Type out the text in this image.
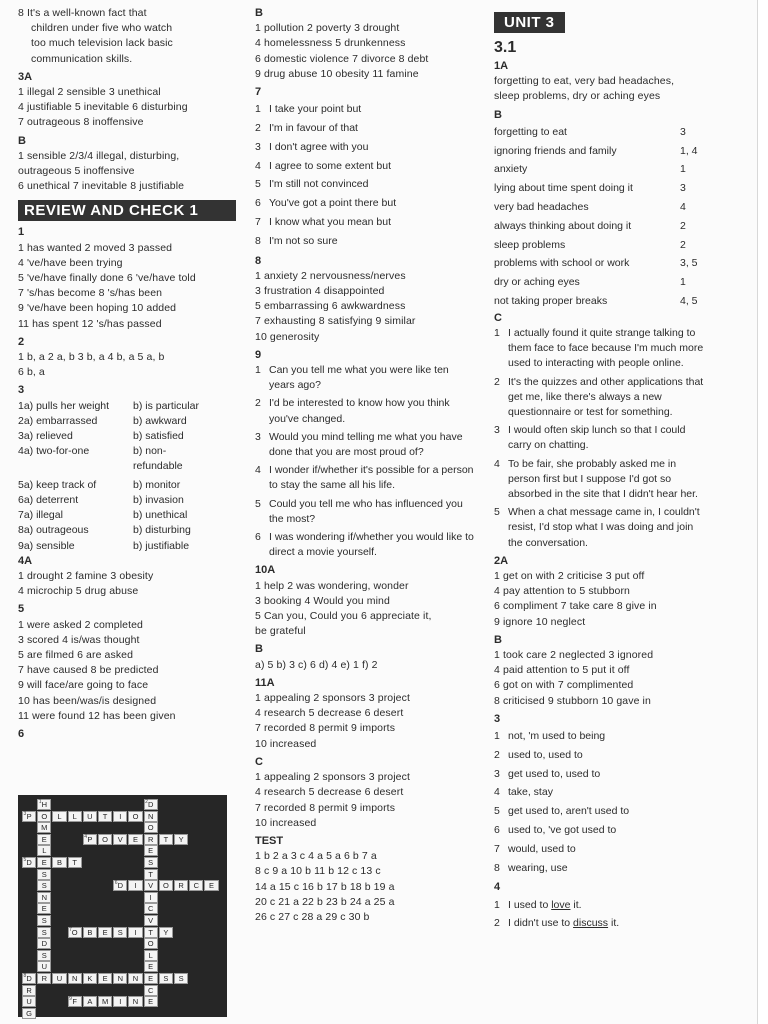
8 It's a well-known fact that
children under five who watch
too much television lack basic
communication skills.
3A
1 illegal 2 sensible 3 unethical
4 justifiable 5 inevitable 6 disturbing
7 outrageous 8 inoffensive
B
1 sensible 2/3/4 illegal, disturbing,
outrageous 5 inoffensive
6 unethical 7 inevitable 8 justifiable
REVIEW AND CHECK 1
1
1 has wanted 2 moved 3 passed
4 've/have been trying
5 've/have finally done 6 've/have told
7 's/has become 8 's/has been
9 've/have been hoping 10 added
11 has spent 12 's/has passed
2
1 b, a 2 a, b 3 b, a 4 b, a 5 a, b
6 b, a
3
1a) pulls her weight	b) is particular
2a) embarrassed	b) awkward
3a) relieved	b) satisfied
4a) two-for-one	b) non-refundable
5a) keep track of	b) monitor
6a) deterrent	b) invasion
7a) illegal	b) unethical
8a) outrageous	b) disturbing
9a) sensible	b) justifiable
4A
1 drought 2 famine 3 obesity
4 microchip 5 drug abuse
5
1 were asked 2 completed
3 scored 4 is/was thought
5 are filmed 6 are asked
7 have caused 8 be predicted
9 will face/are going to face
10 has been/was/is designed
11 were found 12 has been given
6
H
1	D
2
P
3	O	L	L	U	T	I	O	N
M	O
E	P
4	O	V	E	R	T	Y
L	E
D
5	E	B	T	S
S	T
S	D
6	I	V	O	R	C	E
N	I
E	C
S	V
S	O
7	B	E	S	I	T	Y
D	O
S	L
U	E
D
8	R	U	N	K	E	N	N	E	S	S
R	C
U	F
9	A	M	I	N	E
G
B
1 pollution 2 poverty 3 drought
4 homelessness 5 drunkenness
6 domestic violence 7 divorce 8 debt
9 drug abuse 10 obesity 11 famine
7
1 I take your point but
2 I'm in favour of that
3 I don't agree with you
4 I agree to some extent but
5 I'm still not convinced
6 You've got a point there but
7 I know what you mean but
8 I'm not so sure
8
1 anxiety 2 nervousness/nerves
3 frustration 4 disappointed
5 embarrassing 6 awkwardness
7 exhausting 8 satisfying 9 similar
10 generosity
9
1 Can you tell me what you were like ten years ago?
2 I'd be interested to know how you think you've changed.
3 Would you mind telling me what you have done that you are most proud of?
4 I wonder if/whether it's possible for a person to stay the same all his life.
5 Could you tell me who has influenced you the most?
6 I was wondering if/whether you would like to direct a movie yourself.
10A
1 help 2 was wondering, wonder
3 booking 4 Would you mind
5 Can you, Could you 6 appreciate it,
be grateful
B
a) 5 b) 3 c) 6 d) 4 e) 1 f) 2
11A
1 appealing 2 sponsors 3 project
4 research 5 decrease 6 desert
7 recorded 8 permit 9 imports
10 increased
C
1 appealing 2 sponsors 3 project
4 research 5 decrease 6 desert
7 recorded 8 permit 9 imports
10 increased
TEST
1 b 2 a 3 c 4 a 5 a 6 b 7 a
8 c 9 a 10 b 11 b 12 c 13 c
14 a 15 c 16 b 17 b 18 b 19 a
20 c 21 a 22 b 23 b 24 a 25 a
26 c 27 c 28 a 29 c 30 b
UNIT 3
3.1
1A
forgetting to eat, very bad headaches,
sleep problems, dry or aching eyes
B
forgetting to eat	3
ignoring friends and family	1, 4
anxiety	1
lying about time spent doing it	3
very bad headaches	4
always thinking about doing it	2
sleep problems	2
problems with school or work	3, 5
dry or aching eyes	1
not taking proper breaks	4, 5
C
1 I actually found it quite strange talking to them face to face because I'm much more used to interacting with people online.
2 It's the quizzes and other applications that get me, like there's always a new questionnaire or test for something.
3 I would often skip lunch so that I could carry on chatting.
4 To be fair, she probably asked me in person first but I suppose I'd got so absorbed in the site that I didn't hear her.
5 When a chat message came in, I couldn't resist, I'd stop what I was doing and join the conversation.
2A
1 get on with 2 criticise 3 put off
4 pay attention to 5 stubborn
6 compliment 7 take care 8 give in
9 ignore 10 neglect
B
1 took care 2 neglected 3 ignored
4 paid attention to 5 put it off
6 got on with 7 complimented
8 criticised 9 stubborn 10 gave in
3
1 not, 'm used to being
2 used to, used to
3 get used to, used to
4 take, stay
5 get used to, aren't used to
6 used to, 've got used to
7 would, used to
8 wearing, use
4
1 I used to love it.
2 I didn't use to discuss it.
